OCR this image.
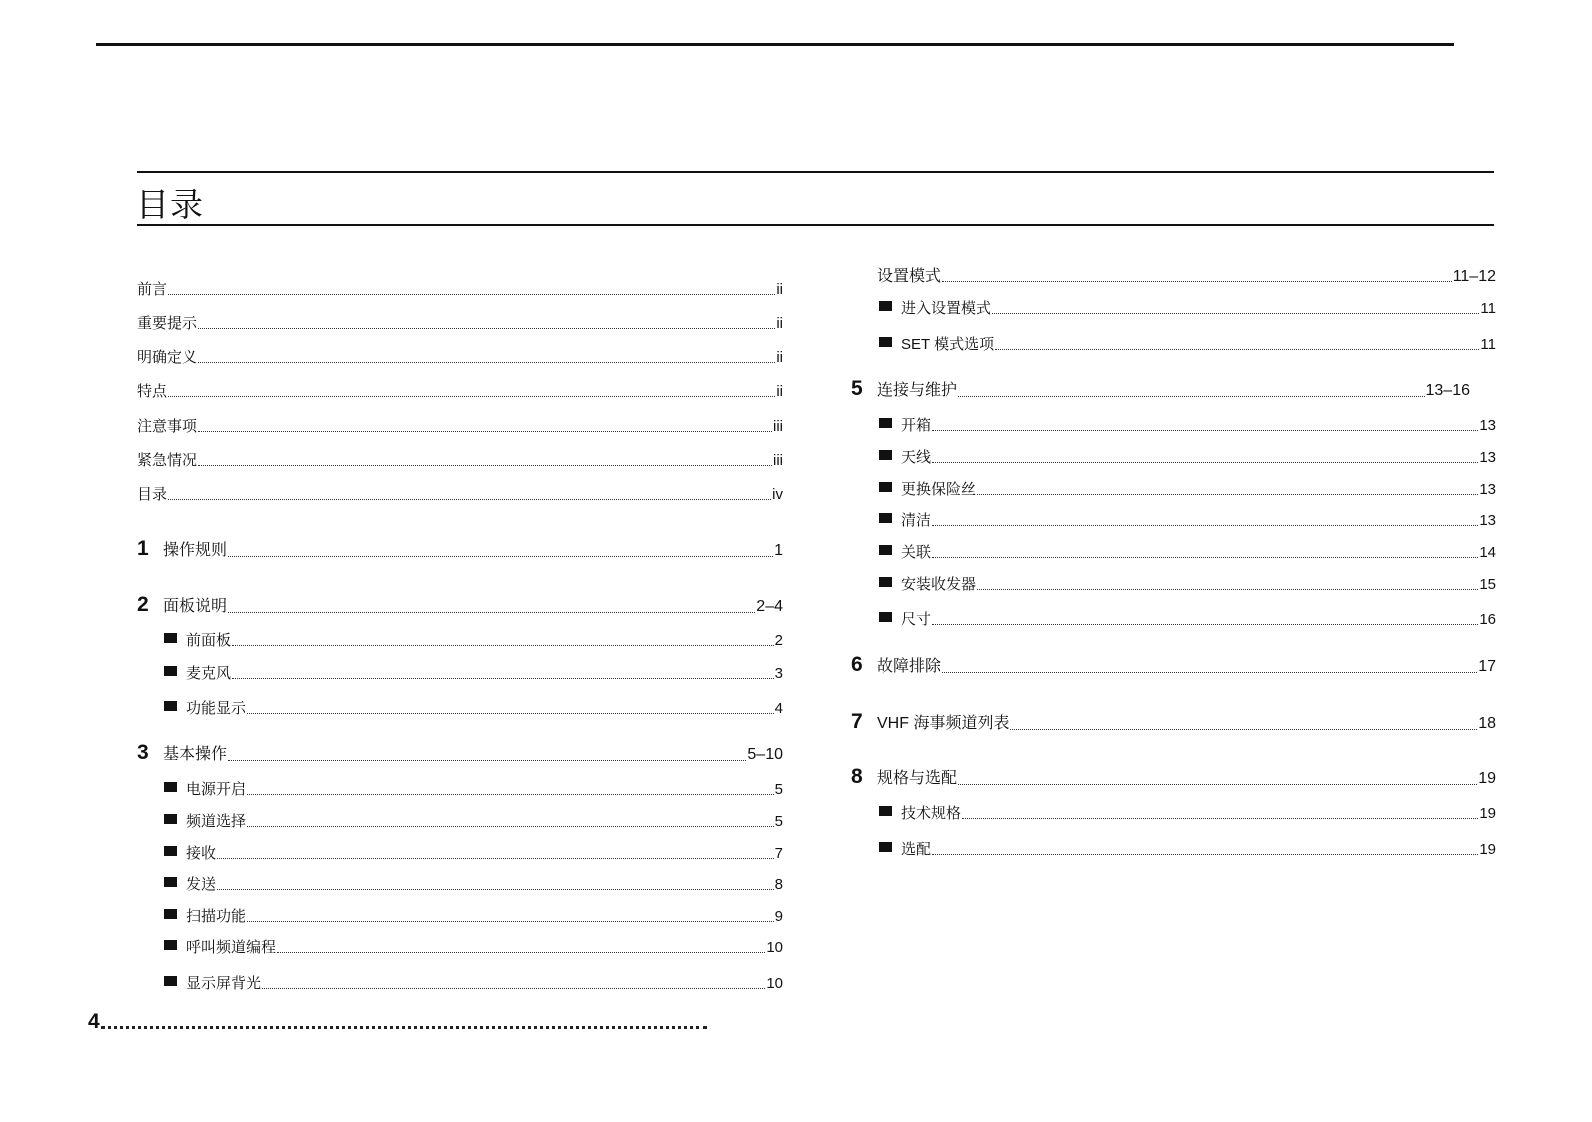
目录
前言	ii
重要提示	ii
明确定义	ii
特点	ii
注意事项	iii
紧急情况	iii
目录	iv
1 操作规则	1
2 面板说明	2–4
前面板	2
麦克风	3
功能显示	4
3 基本操作	5–10
电源开启	5
频道选择	5
接收	7
发送	8
扫描功能	9
呼叫频道编程	10
显示屏背光	10
设置模式	11–12
进入设置模式	11
SET 模式选项	11
5 连接与维护	13–16
开箱	13
天线	13
更换保险丝	13
清洁	13
关联	14
安装收发器	15
尺寸	16
6 故障排除	17
7 VHF 海事频道列表	18
8 规格与选配	19
技术规格	19
选配	19
4
